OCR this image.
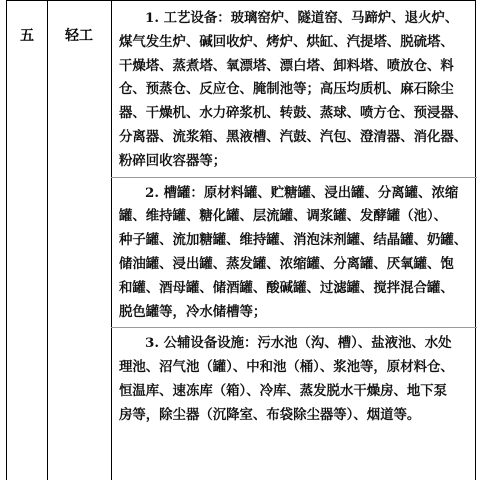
五	轻工
1. 工艺设备：玻璃窑炉、隧道窑、马蹄炉、退火炉、
煤气发生炉、碱回收炉、烤炉、烘缸、汽提塔、脱硫塔、
干燥塔、蒸煮塔、氧漂塔、漂白塔、卸料塔、喷放仓、料
仓、预蒸仓、反应仓、腌制池等；高压均质机、麻石除尘
器、干燥机、水力碎浆机、转鼓、蒸球、喷方仓、预浸器、
分离器、流浆箱、黑液槽、汽鼓、汽包、澄清器、消化器、
粉碎回收容器等；
2. 槽罐：原材料罐、贮糖罐、浸出罐、分离罐、浓缩
罐、维持罐、糖化罐、层流罐、调浆罐、发酵罐（池）、
种子罐、流加糖罐、维持罐、消泡沫剂罐、结晶罐、奶罐、
储油罐、浸出罐、蒸发罐、浓缩罐、分离罐、厌氧罐、饱
和罐、酒母罐、储酒罐、酸碱罐、过滤罐、搅拌混合罐、
脱色罐等，冷水储槽等；
3. 公辅设备设施：污水池（沟、槽）、盐液池、水处
理池、沼气池（罐）、中和池（桶）、浆池等，原材料仓、
恒温库、速冻库（箱）、冷库、蒸发脱水干燥房、地下泵
房等，除尘器（沉降室、布袋除尘器等）、烟道等。
